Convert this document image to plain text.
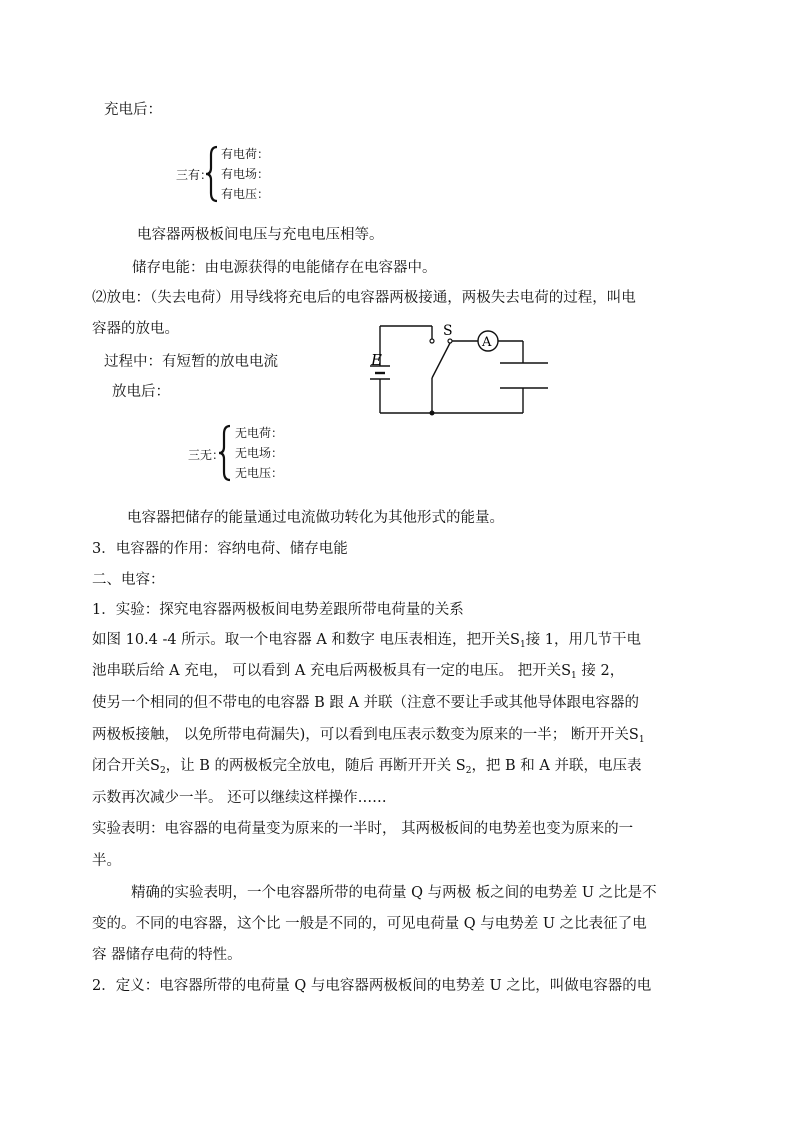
充电后：
三有：
有电荷：
有电场：
有电压：
电容器两极板间电压与充电电压相等。
储存电能：由电源获得的电能储存在电容器中。
⑵放电：（失去电荷）用导线将充电后的电容器两极接通，两极失去电荷的过程，叫电
容器的放电。
过程中：有短暂的放电电流
放电后：
三无：
无电荷：
无电场：
无电压：
E
S
A
电容器把储存的能量通过电流做功转化为其他形式的能量。
3．电容器的作用：容纳电荷、储存电能
二、电容：
1．实验：探究电容器两极板间电势差跟所带电荷量的关系
如图 10.4 -4 所示。取一个电容器 A 和数字 电压表相连，把开关$S_1$接 1，用几节干电
池串联后给 A 充电， 可以看到 A 充电后两极板具有一定的电压。 把开关$S_1$ 接 2，
使另一个相同的但不带电的电容器 B 跟 A 并联（注意不要让手或其他导体跟电容器的
两极板接触， 以免所带电荷漏失)，可以看到电压表示数变为原来的一半； 断开开关$S_1$
闭合开关$S_2$，让 B 的两极板完全放电，随后 再断开开关 $S_2$，把 B 和 A 并联，电压表
示数再次减少一半。 还可以继续这样操作……
实验表明：电容器的电荷量变为原来的一半时， 其两极板间的电势差也变为原来的一
半。
精确的实验表明，一个电容器所带的电荷量 Q 与两极 板之间的电势差 U 之比是不
变的。不同的电容器，这个比 一般是不同的，可见电荷量 Q 与电势差 U 之比表征了电
容 器储存电荷的特性。
2．定义：电容器所带的电荷量 Q 与电容器两极板间的电势差 U 之比，叫做电容器的电
